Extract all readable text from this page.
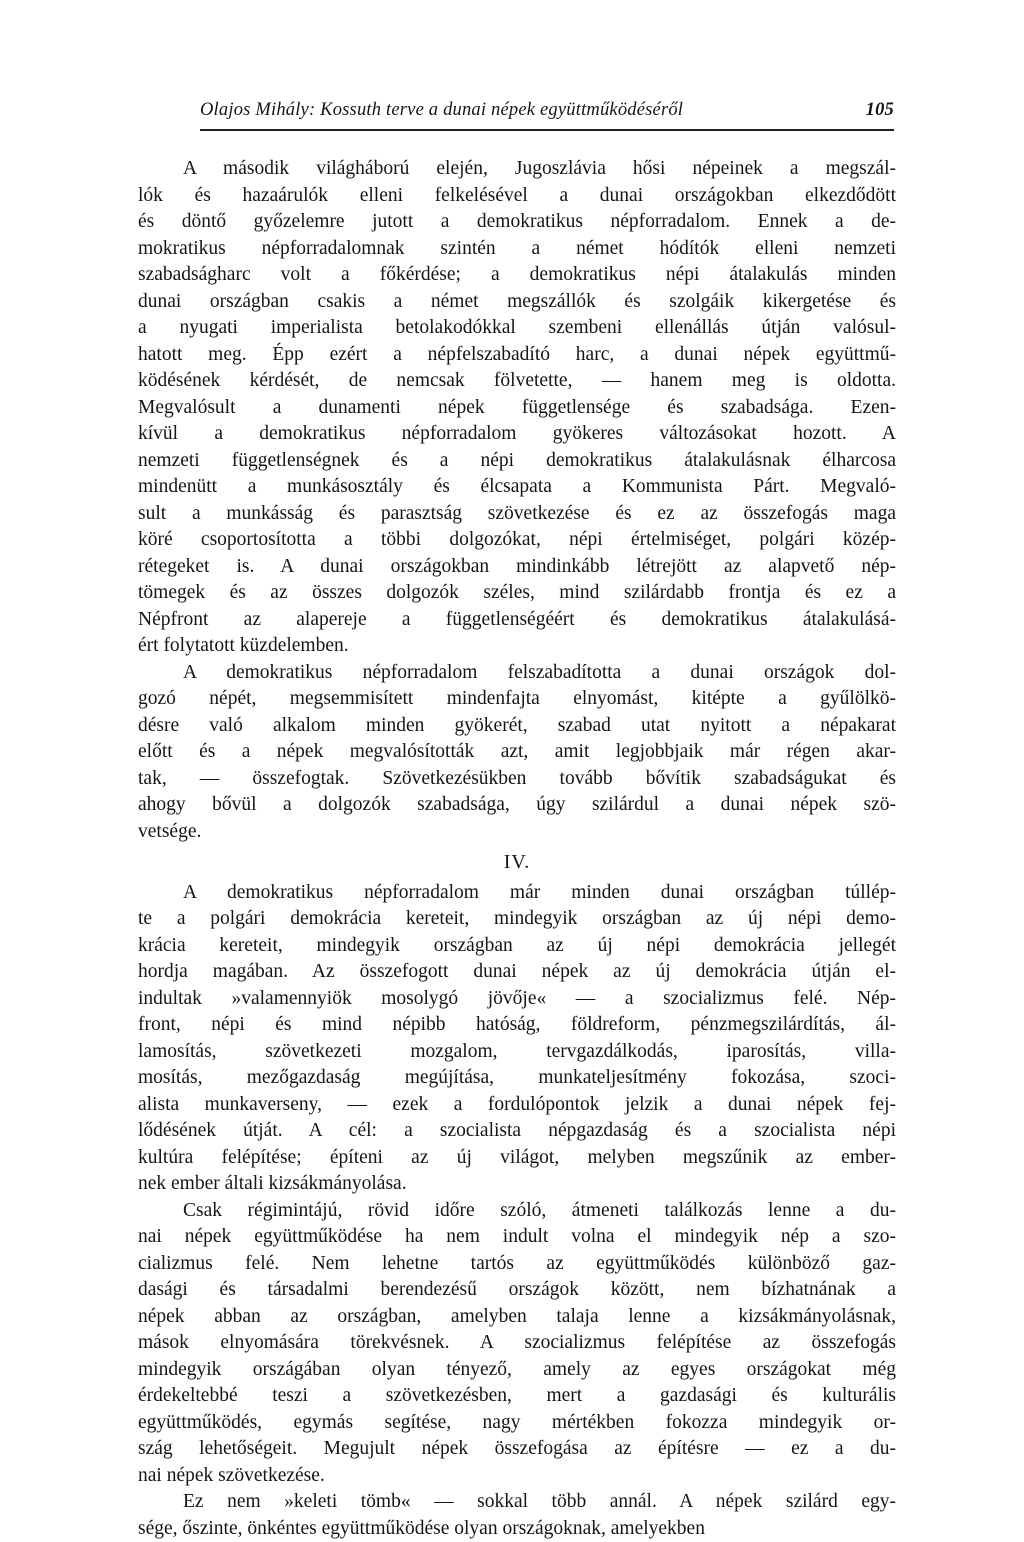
Olajos Mihály: Kossuth terve a dunai népek együttműködéséről	105
A második világháború elején, Jugoszlávia hősi népeinek a megszál-
lók és hazaárulók elleni felkelésével a dunai országokban elkezdődött
és döntő győzelemre jutott a demokratikus népforradalom. Ennek a de-
mokratikus népforradalomnak szintén a német hódítók elleni nemzeti
szabadságharc volt a főkérdése; a demokratikus népi átalakulás minden
dunai országban csakis a német megszállók és szolgáik kikergetése és
a nyugati imperialista betolakodókkal szembeni ellenállás útján valósul-
hatott meg. Épp ezért a népfelszabadító harc, a dunai népek együttmű-
ködésének kérdését, de nemcsak fölvetette, — hanem meg is oldotta.
Megvalósult a dunamenti népek függetlensége és szabadsága. Ezen-
kívül a demokratikus népforradalom gyökeres változásokat hozott. A
nemzeti függetlenségnek és a népi demokratikus átalakulásnak élharcosa
mindenütt a munkásosztály és élcsapata a Kommunista Párt. Megvaló-
sult a munkásság és parasztság szövetkezése és ez az összefogás maga
köré csoportosította a többi dolgozókat, népi értelmiséget, polgári közép-
rétegeket is. A dunai országokban mindinkább létrejött az alapvető nép-
tömegek és az összes dolgozók széles, mind szilárdabb frontja és ez a
Népfront az alapereje a függetlenségéért és demokratikus átalakulásá-
ért folytatott küzdelemben.
A demokratikus népforradalom felszabadította a dunai országok dol-
gozó népét, megsemmisített mindenfajta elnyomást, kitépte a gyűlölkö-
désre való alkalom minden gyökerét, szabad utat nyitott a népakarat
előtt és a népek megvalósították azt, amit legjobbjaik már régen akar-
tak, — összefogtak. Szövetkezésükben tovább bővítik szabadságukat és
ahogy bővül a dolgozók szabadsága, úgy szilárdul a dunai népek szö-
vetsége.
IV.
A demokratikus népforradalom már minden dunai országban túllép-
te a polgári demokrácia kereteit, mindegyik országban az új népi demo-
krácia kereteit, mindegyik országban az új népi demokrácia jellegét
hordja magában. Az összefogott dunai népek az új demokrácia útján el-
indultak »valamennyiök mosolygó jövője« — a szocializmus felé. Nép-
front, népi és mind népibb hatóság, földreform, pénzmegszilárdítás, ál-
lamosítás, szövetkezeti mozgalom, tervgazdálkodás, iparosítás, villa-
mosítás, mezőgazdaság megújítása, munkateljesítmény fokozása, szoci-
alista munkaverseny, — ezek a fordulópontok jelzik a dunai népek fej-
lődésének útját. A cél: a szocialista népgazdaság és a szocialista népi
kultúra felépítése; építeni az új világot, melyben megszűnik az ember-
nek ember általi kizsákmányolása.
Csak régimintájú, rövid időre szóló, átmeneti találkozás lenne a du-
nai népek együttműködése ha nem indult volna el mindegyik nép a szo-
cializmus felé. Nem lehetne tartós az együttműködés különböző gaz-
dasági és társadalmi berendezésű országok között, nem bízhatnának a
népek abban az országban, amelyben talaja lenne a kizsákmányolásnak,
mások elnyomására törekvésnek. A szocializmus felépítése az összefogás
mindegyik országában olyan tényező, amely az egyes országokat még
érdekeltebbé teszi a szövetkezésben, mert a gazdasági és kulturális
együttműködés, egymás segítése, nagy mértékben fokozza mindegyik or-
szág lehetőségeit. Megujult népek összefogása az építésre — ez a du-
nai népek szövetkezése.
Ez nem »keleti tömb« — sokkal több annál. A népek szilárd egy-
sége, őszinte, önkéntes együttműködése olyan országoknak, amelyekben
